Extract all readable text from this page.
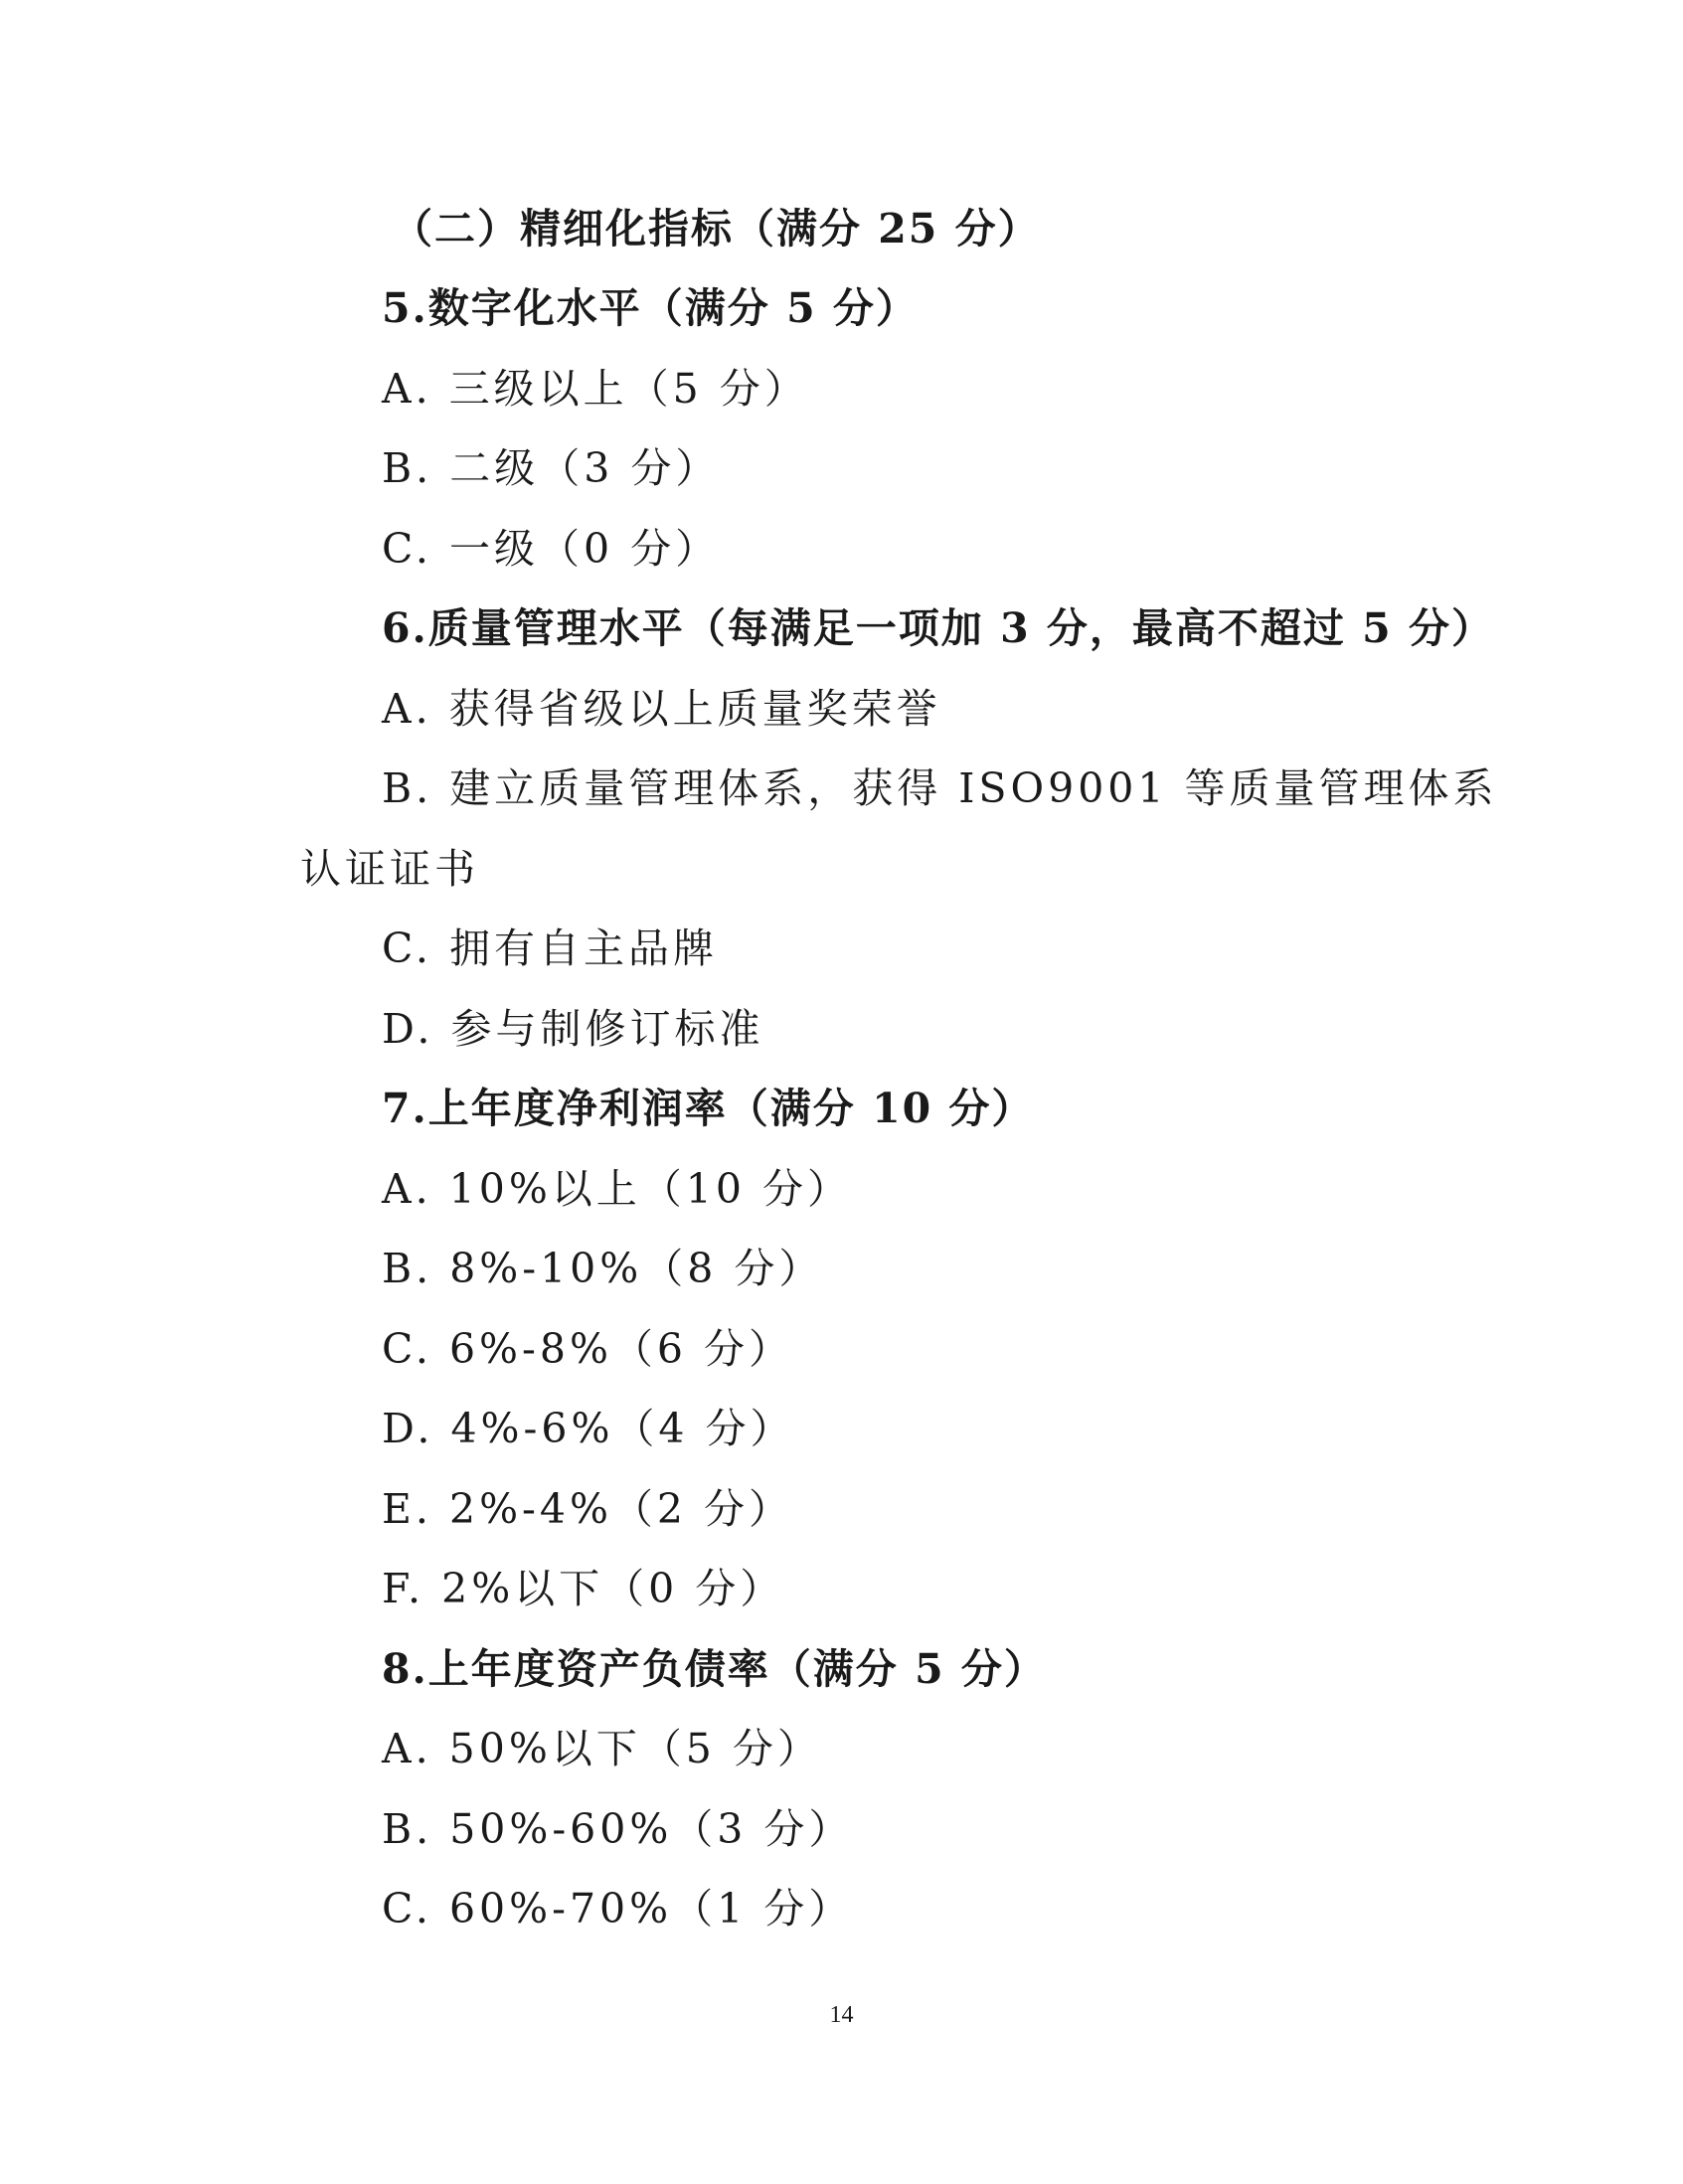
（二）精细化指标（满分 25 分）
5.数字化水平（满分 5 分）
A. 三级以上（5 分）
B. 二级（3 分）
C. 一级（0 分）
6.质量管理水平（每满足一项加 3 分，最高不超过 5 分）
A. 获得省级以上质量奖荣誉
B. 建立质量管理体系，获得 ISO9001 等质量管理体系
认证证书
C. 拥有自主品牌
D. 参与制修订标准
7.上年度净利润率（满分 10 分）
A. 10%以上（10 分）
B. 8%-10%（8 分）
C. 6%-8%（6 分）
D. 4%-6%（4 分）
E. 2%-4%（2 分）
F. 2%以下（0 分）
8.上年度资产负债率（满分 5 分）
A. 50%以下（5 分）
B. 50%-60%（3 分）
C. 60%-70%（1 分）
14
